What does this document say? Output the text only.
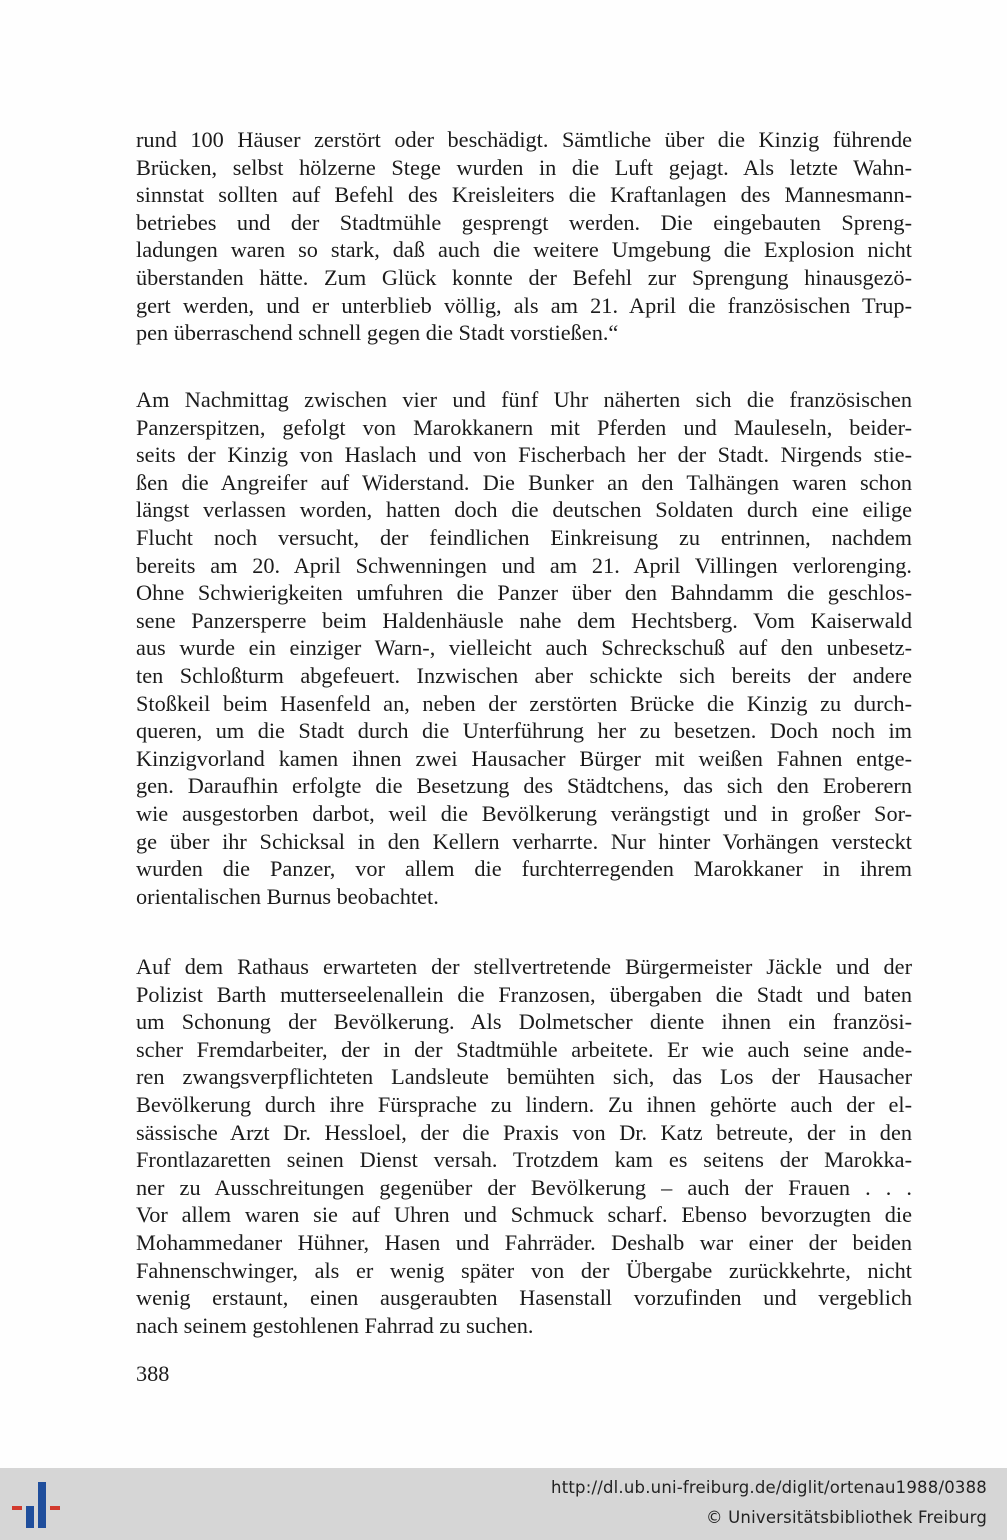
rund 100 Häuser zerstört oder beschädigt. Sämtliche über die Kinzig führende
Brücken, selbst hölzerne Stege wurden in die Luft gejagt. Als letzte Wahn-
sinnstat sollten auf Befehl des Kreisleiters die Kraftanlagen des Mannesmann-
betriebes und der Stadtmühle gesprengt werden. Die eingebauten Spreng-
ladungen waren so stark, daß auch die weitere Umgebung die Explosion nicht
überstanden hätte. Zum Glück konnte der Befehl zur Sprengung hinausgezö-
gert werden, und er unterblieb völlig, als am 21. April die französischen Trup-
pen überraschend schnell gegen die Stadt vorstießen.“
Am Nachmittag zwischen vier und fünf Uhr näherten sich die französischen
Panzerspitzen, gefolgt von Marokkanern mit Pferden und Mauleseln, beider-
seits der Kinzig von Haslach und von Fischerbach her der Stadt. Nirgends stie-
ßen die Angreifer auf Widerstand. Die Bunker an den Talhängen waren schon
längst verlassen worden, hatten doch die deutschen Soldaten durch eine eilige
Flucht noch versucht, der feindlichen Einkreisung zu entrinnen, nachdem
bereits am 20. April Schwenningen und am 21. April Villingen verlorenging.
Ohne Schwierigkeiten umfuhren die Panzer über den Bahndamm die geschlos-
sene Panzersperre beim Haldenhäusle nahe dem Hechtsberg. Vom Kaiserwald
aus wurde ein einziger Warn-, vielleicht auch Schreckschuß auf den unbesetz-
ten Schloßturm abgefeuert. Inzwischen aber schickte sich bereits der andere
Stoßkeil beim Hasenfeld an, neben der zerstörten Brücke die Kinzig zu durch-
queren, um die Stadt durch die Unterführung her zu besetzen. Doch noch im
Kinzigvorland kamen ihnen zwei Hausacher Bürger mit weißen Fahnen entge-
gen. Daraufhin erfolgte die Besetzung des Städtchens, das sich den Eroberern
wie ausgestorben darbot, weil die Bevölkerung verängstigt und in großer Sor-
ge über ihr Schicksal in den Kellern verharrte. Nur hinter Vorhängen versteckt
wurden die Panzer, vor allem die furchterregenden Marokkaner in ihrem
orientalischen Burnus beobachtet.
Auf dem Rathaus erwarteten der stellvertretende Bürgermeister Jäckle und der
Polizist Barth mutterseelenallein die Franzosen, übergaben die Stadt und baten
um Schonung der Bevölkerung. Als Dolmetscher diente ihnen ein französi-
scher Fremdarbeiter, der in der Stadtmühle arbeitete. Er wie auch seine ande-
ren zwangsverpflichteten Landsleute bemühten sich, das Los der Hausacher
Bevölkerung durch ihre Fürsprache zu lindern. Zu ihnen gehörte auch der el-
sässische Arzt Dr. Hessloel, der die Praxis von Dr. Katz betreute, der in den
Frontlazaretten seinen Dienst versah. Trotzdem kam es seitens der Marokka-
ner zu Ausschreitungen gegenüber der Bevölkerung – auch der Frauen . . .
Vor allem waren sie auf Uhren und Schmuck scharf. Ebenso bevorzugten die
Mohammedaner Hühner, Hasen und Fahrräder. Deshalb war einer der beiden
Fahnenschwinger, als er wenig später von der Übergabe zurückkehrte, nicht
wenig erstaunt, einen ausgeraubten Hasenstall vorzufinden und vergeblich
nach seinem gestohlenen Fahrrad zu suchen.
388
http://dl.ub.uni-freiburg.de/diglit/ortenau1988/0388
© Universitätsbibliothek Freiburg
